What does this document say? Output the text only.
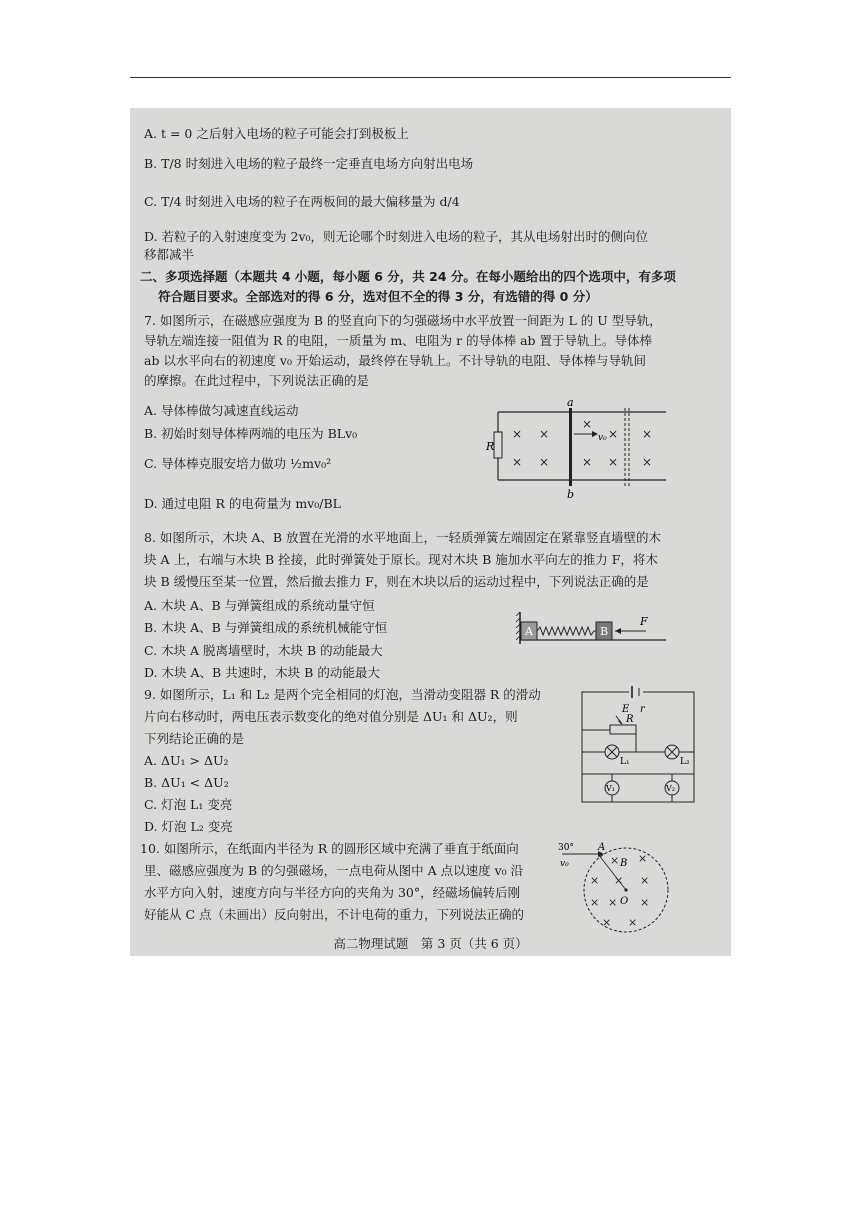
A. t = 0 之后射入电场的粒子可能会打到极板上
B. T/8 时刻进入电场的粒子最终一定垂直电场方向射出电场
C. T/4 时刻进入电场的粒子在两板间的最大偏移量为 d/4
D. 若粒子的入射速度变为 2v₀，则无论哪个时刻进入电场的粒子，其从电场射出时的侧向位
移都减半
二、多项选择题（本题共 4 小题，每小题 6 分，共 24 分。在每小题给出的四个选项中，有多项
符合题目要求。全部选对的得 6 分，选对但不全的得 3 分，有选错的得 0 分）
7. 如图所示，在磁感应强度为 B 的竖直向下的匀强磁场中水平放置一间距为 L 的 U 型导轨，
导轨左端连接一阻值为 R 的电阻，一质量为 m、电阻为 r 的导体棒 ab 置于导轨上。导体棒
ab 以水平向右的初速度 v₀ 开始运动，最终停在导轨上。不计导轨的电阻、导体棒与导轨间
的摩擦。在此过程中，下列说法正确的是
A. 导体棒做匀减速直线运动
B. 初始时刻导体棒两端的电压为 BLv₀
C. 导体棒克服安培力做功 ½mv₀²
D. 通过电阻 R 的电荷量为 mv₀/BL
R
a
b
v₀
× ×
×
× ×
× ×	× × ×
8. 如图所示，木块 A、B 放置在光滑的水平地面上，一轻质弹簧左端固定在紧靠竖直墙壁的木
块 A 上，右端与木块 B 拴接，此时弹簧处于原长。现对木块 B 施加水平向左的推力 F，将木
块 B 缓慢压至某一位置，然后撤去推力 F，则在木块以后的运动过程中，下列说法正确的是
A. 木块 A、B 与弹簧组成的系统动量守恒
B. 木块 A、B 与弹簧组成的系统机械能守恒
C. 木块 A 脱离墙壁时，木块 B 的动能最大
D. 木块 A、B 共速时，木块 B 的动能最大
A	B
F
9. 如图所示，L₁ 和 L₂ 是两个完全相同的灯泡，当滑动变阻器 R 的滑动
片向右移动时，两电压表示数变化的绝对值分别是 ΔU₁ 和 ΔU₂，则
下列结论正确的是
A. ΔU₁ > ΔU₂
B. ΔU₁ < ΔU₂
C. 灯泡 L₁ 变亮
D. 灯泡 L₂ 变亮
E r
R
L₁	L₂
V₁	V₂
10. 如图所示，在纸面内半径为 R 的圆形区域中充满了垂直于纸面向
里、磁感应强度为 B 的匀强磁场，一点电荷从图中 A 点以速度 v₀ 沿
水平方向入射，速度方向与半径方向的夹角为 30°，经磁场偏转后刚
好能从 C 点（未画出）反向射出，不计电荷的重力，下列说法正确的
30°
v₀
A
B
O
× ×
× × ×
× × ×
× ×
高二物理试题　第 3 页（共 6 页）
